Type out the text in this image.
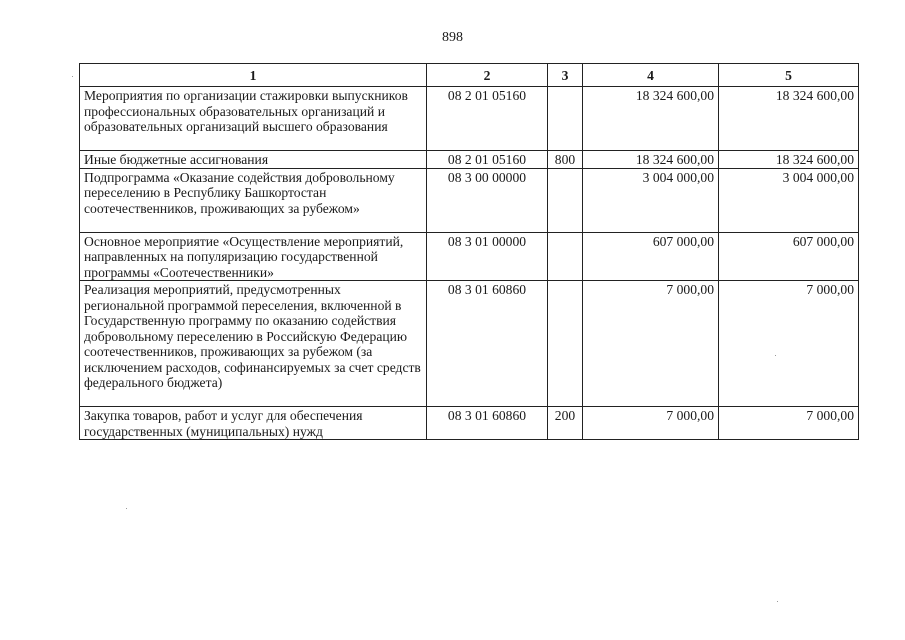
898
1	2	3	4	5
Мероприятия по организации стажировки выпускников профессиональных образовательных организаций и образовательных организаций высшего образования	08 2 01 05160		18 324 600,00	18 324 600,00
Иные бюджетные ассигнования	08 2 01 05160	800	18 324 600,00	18 324 600,00
Подпрограмма «Оказание содействия добровольному переселению в Республику Башкортостан соотечественников, проживающих за рубежом»	08 3 00 00000		3 004 000,00	3 004 000,00
Основное мероприятие «Осуществление мероприятий, направленных на популяризацию государственной программы «Соотечественники»	08 3 01 00000		607 000,00	607 000,00
Реализация мероприятий, предусмотренных региональной программой переселения, включенной в Государственную программу по оказанию содействия добровольному переселению в Российскую Федерацию соотечественников, проживающих за рубежом (за исключением расходов, софинансируемых за счет средств федерального бюджета)	08 3 01 60860		7 000,00	7 000,00
Закупка товаров, работ и услуг для обеспечения государственных (муниципальных) нужд	08 3 01 60860	200	7 000,00	7 000,00
